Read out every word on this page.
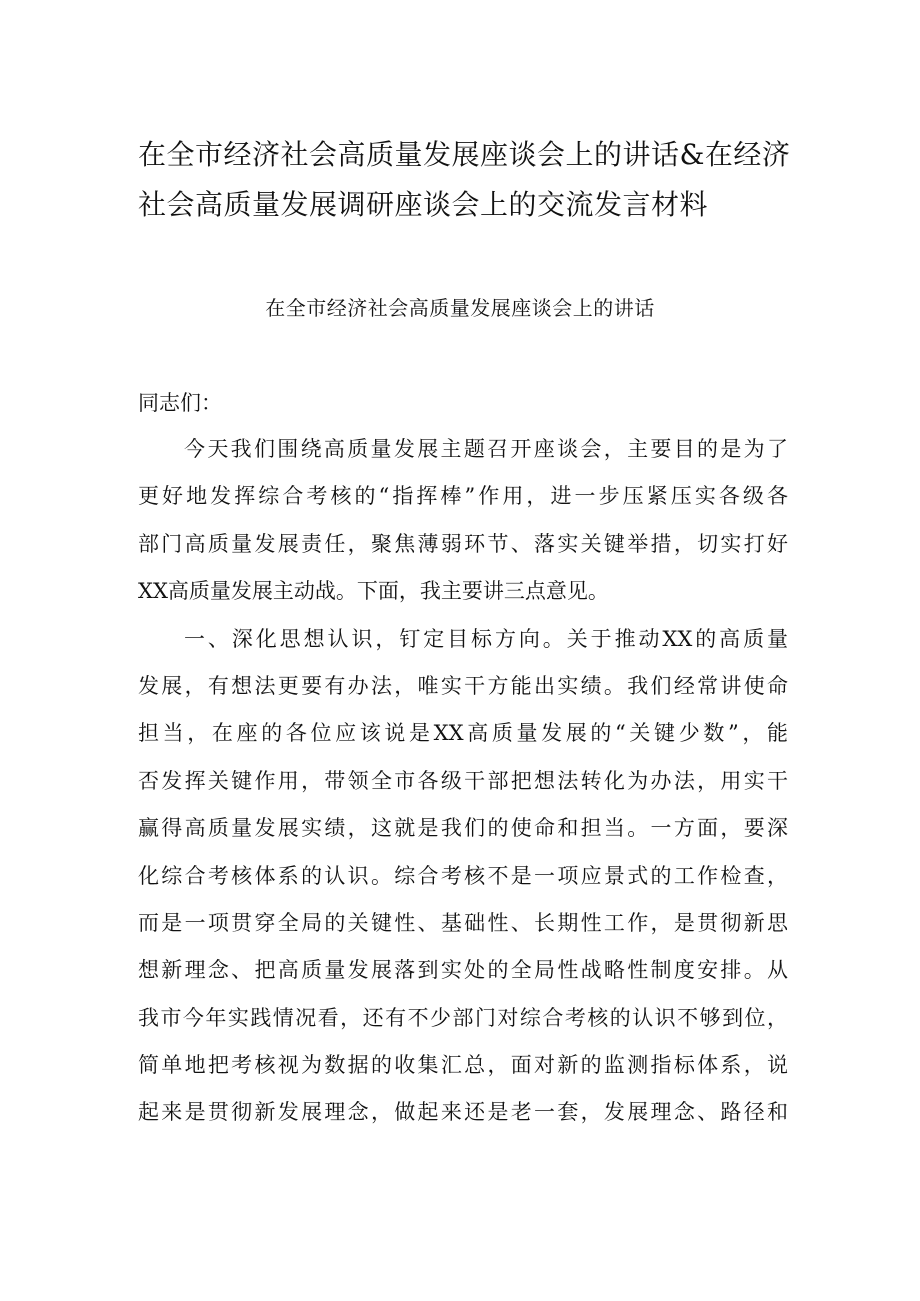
在全市经济社会高质量发展座谈会上的讲话&在经济
社会高质量发展调研座谈会上的交流发言材料

在全市经济社会高质量发展座谈会上的讲话

同志们：

今天我们围绕高质量发展主题召开座谈会，主要目的是为了
更好地发挥综合考核的“指挥棒”作用，进一步压紧压实各级各
部门高质量发展责任，聚焦薄弱环节、落实关键举措，切实打好
XX高质量发展主动战。下面，我主要讲三点意见。
一、深化思想认识，钉定目标方向。关于推动XX的高质量
发展，有想法更要有办法，唯实干方能出实绩。我们经常讲使命
担当，在座的各位应该说是XX高质量发展的“关键少数”，能
否发挥关键作用，带领全市各级干部把想法转化为办法，用实干
赢得高质量发展实绩，这就是我们的使命和担当。一方面，要深
化综合考核体系的认识。综合考核不是一项应景式的工作检查，
而是一项贯穿全局的关键性、基础性、长期性工作，是贯彻新思
想新理念、把高质量发展落到实处的全局性战略性制度安排。从
我市今年实践情况看，还有不少部门对综合考核的认识不够到位，
简单地把考核视为数据的收集汇总，面对新的监测指标体系，说
起来是贯彻新发展理念，做起来还是老一套，发展理念、路径和
